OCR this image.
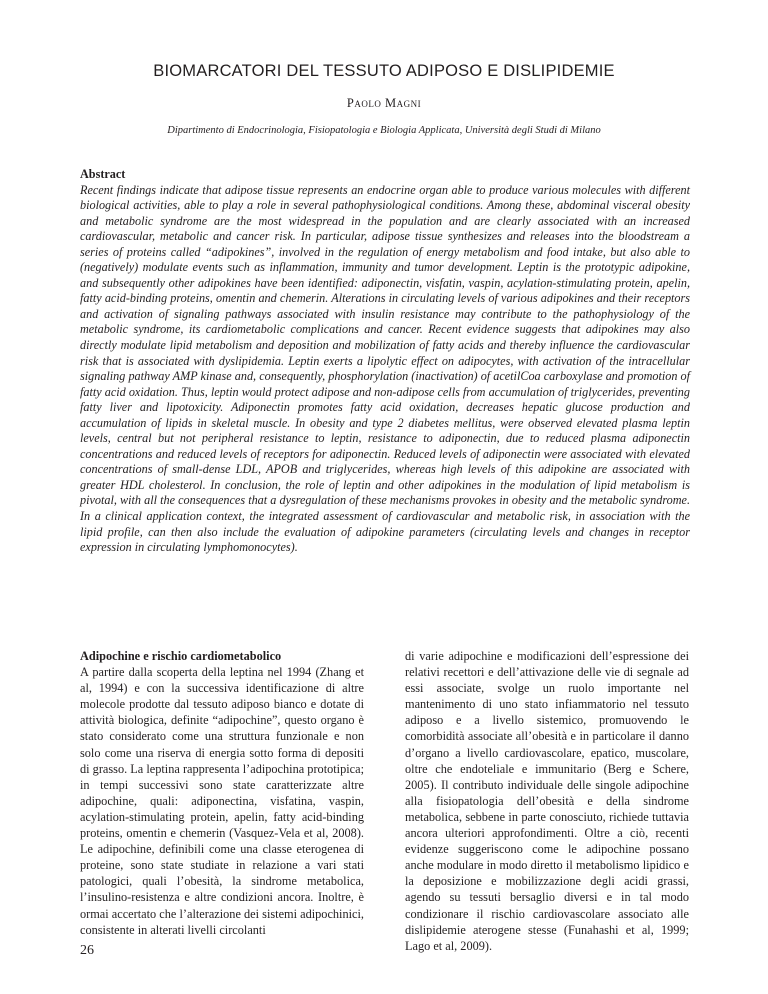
BIOMARCATORI DEL TESSUTO ADIPOSO E DISLIPIDEMIE
Paolo Magni
Dipartimento di Endocrinologia, Fisiopatologia e Biologia Applicata, Università degli Studi di Milano
Abstract
Recent findings indicate that adipose tissue represents an endocrine organ able to produce various molecules with different biological activities, able to play a role in several pathophysiological conditions. Among these, abdominal visceral obesity and metabolic syndrome are the most widespread in the population and are clearly associated with an increased cardiovascular, metabolic and cancer risk. In particular, adipose tissue synthesizes and releases into the bloodstream a series of proteins called “adipokines”, involved in the regulation of energy metabolism and food intake, but also able to (negatively) modulate events such as inflammation, immunity and tumor development. Leptin is the prototypic adipokine, and subsequently other adipokines have been identified: adiponectin, visfatin, vaspin, acylation-stimulating protein, apelin, fatty acid-binding proteins, omentin and chemerin. Alterations in circulating levels of various adipokines and their receptors and activation of signaling pathways associated with insulin resistance may contribute to the pathophysiology of the metabolic syndrome, its cardiometabolic complications and cancer. Recent evidence suggests that adipokines may also directly modulate lipid metabolism and deposition and mobilization of fatty acids and thereby influence the cardiovascular risk that is associated with dyslipidemia. Leptin exerts a lipolytic effect on adipocytes, with activation of the intracellular signaling pathway AMP kinase and, consequently, phosphorylation (inactivation) of acetilCoa carboxylase and promotion of fatty acid oxidation. Thus, leptin would protect adipose and non-adipose cells from accumulation of triglycerides, preventing fatty liver and lipotoxicity. Adiponectin promotes fatty acid oxidation, decreases hepatic glucose production and accumulation of lipids in skeletal muscle. In obesity and type 2 diabetes mellitus, were observed elevated plasma leptin levels, central but not peripheral resistance to leptin, resistance to adiponectin, due to reduced plasma adiponectin concentrations and reduced levels of receptors for adiponectin. Reduced levels of adiponectin were associated with elevated concentrations of small-dense LDL, APOB and triglycerides, whereas high levels of this adipokine are associated with greater HDL cholesterol. In conclusion, the role of leptin and other adipokines in the modulation of lipid metabolism is pivotal, with all the consequences that a dysregulation of these mechanisms provokes in obesity and the metabolic syndrome. In a clinical application context, the integrated assessment of cardiovascular and metabolic risk, in association with the lipid profile, can then also include the evaluation of adipokine parameters (circulating levels and changes in receptor expression in circulating lymphomonocytes).
Adipochine e rischio cardiometabolico
A partire dalla scoperta della leptina nel 1994 (Zhang et al, 1994) e con la successiva identificazione di altre molecole prodotte dal tessuto adiposo bianco e dotate di attività biologica, definite “adipochine”, questo organo è stato considerato come una struttura funzionale e non solo come una riserva di energia sotto forma di depositi di grasso. La leptina rappresenta l’adipochina prototipica; in tempi successivi sono state caratterizzate altre adipochine, quali: adiponectina, visfatina, vaspin, acylation-stimulating protein, apelin, fatty acid-binding proteins, omentin e chemerin (Vasquez-Vela et al, 2008). Le adipochine, definibili come una classe eterogenea di proteine, sono state studiate in relazione a vari stati patologici, quali l’obesità, la sindrome metabolica, l’insulino-resistenza e altre condizioni ancora. Inoltre, è ormai accertato che l’alterazione dei sistemi adipochinici, consistente in alterati livelli circolanti
di varie adipochine e modificazioni dell’espressione dei relativi recettori e dell’attivazione delle vie di segnale ad essi associate, svolge un ruolo importante nel mantenimento di uno stato infiammatorio nel tessuto adiposo e a livello sistemico, promuovendo le comorbidità associate all’obesità e in particolare il danno d’organo a livello cardiovascolare, epatico, muscolare, oltre che endoteliale e immunitario (Berg e Schere, 2005). Il contributo individuale delle singole adipochine alla fisiopatologia dell’obesità e della sindrome metabolica, sebbene in parte conosciuto, richiede tuttavia ancora ulteriori approfondimenti. Oltre a ciò, recenti evidenze suggeriscono come le adipochine possano anche modulare in modo diretto il metabolismo lipidico e la deposizione e mobilizzazione degli acidi grassi, agendo su tessuti bersaglio diversi e in tal modo condizionare il rischio cardiovascolare associato alle dislipidemie aterogene stesse (Funahashi et al, 1999; Lago et al, 2009).
26
